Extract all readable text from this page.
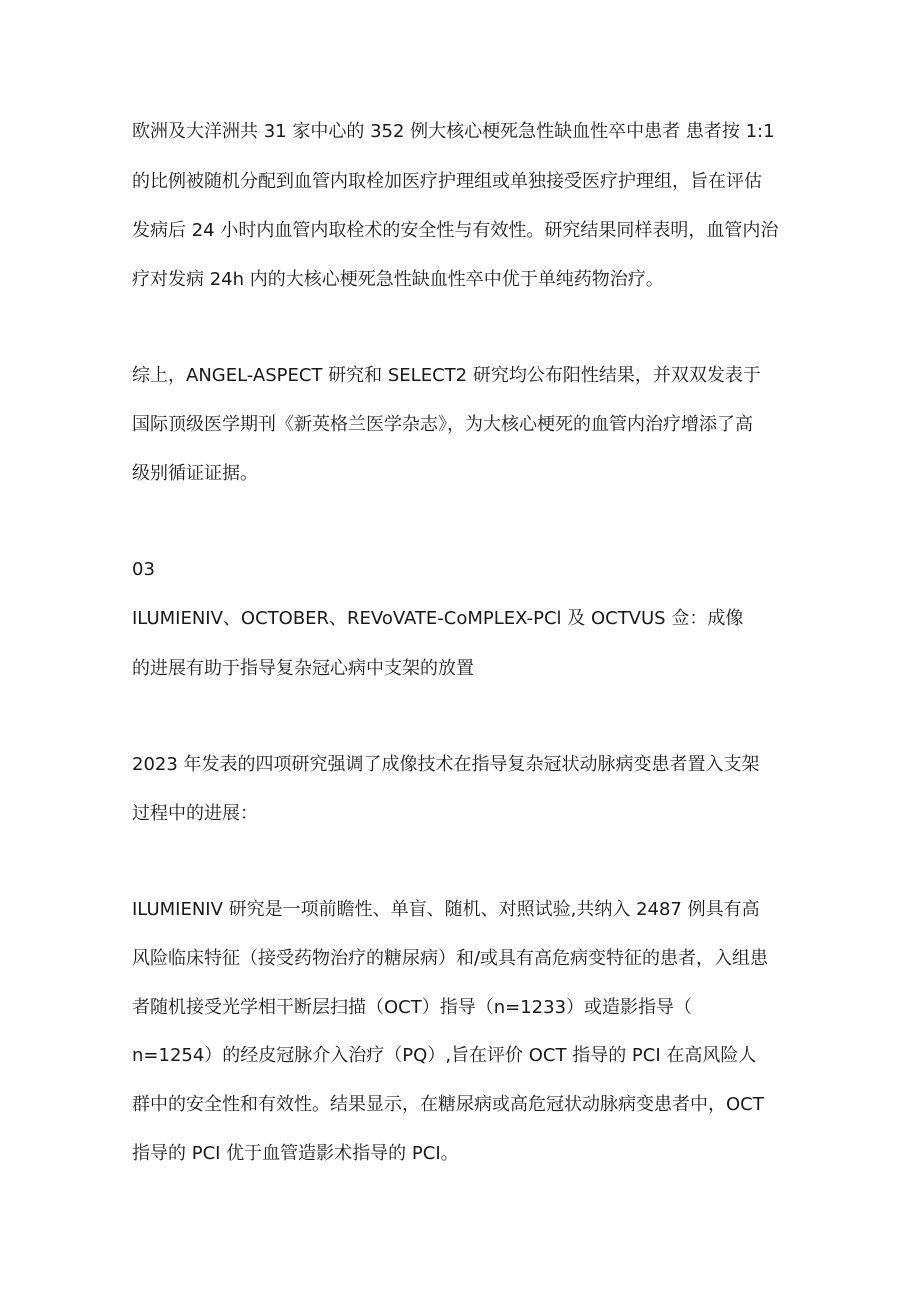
欧洲及大洋洲共 31 家中心的 352 例大核心梗死急性缺血性卒中患者 患者按 1:1
的比例被随机分配到血管内取栓加医疗护理组或单独接受医疗护理组，旨在评估
发病后 24 小时内血管内取栓术的安全性与有效性。研究结果同样表明，血管内治
疗对发病 24h 内的大核心梗死急性缺血性卒中优于单纯药物治疗。
综上，ANGEL-ASPECT 研究和 SELECT2 研究均公布阳性结果，并双双发表于
国际顶级医学期刊《新英格兰医学杂志》，为大核心梗死的血管内治疗增添了高
级别循证证据。
03
ILUMIENIV、OCTOBER、REVoVATE-CoMPLEX-PCl 及 OCTVUS 佥：成像
的进展有助于指导复杂冠心病中支架的放置
2023 年发表的四项研究强调了成像技术在指导复杂冠状动脉病变患者置入支架
过程中的进展：
ILUMIENIV 研究是一项前瞻性、单盲、随机、对照试验,共纳入 2487 例具有高
风险临床特征（接受药物治疗的糖尿病）和/或具有高危病变特征的患者，入组患
者随机接受光学相干断层扫描（OCT）指导（n=1233）或造影指导（
n=1254）的经皮冠脉介入治疗（PQ）,旨在评价 OCT 指导的 PCI 在高风险人
群中的安全性和有效性。结果显示，在糖尿病或高危冠状动脉病变患者中，OCT
指导的 PCI 优于血管造影术指导的 PCI。
